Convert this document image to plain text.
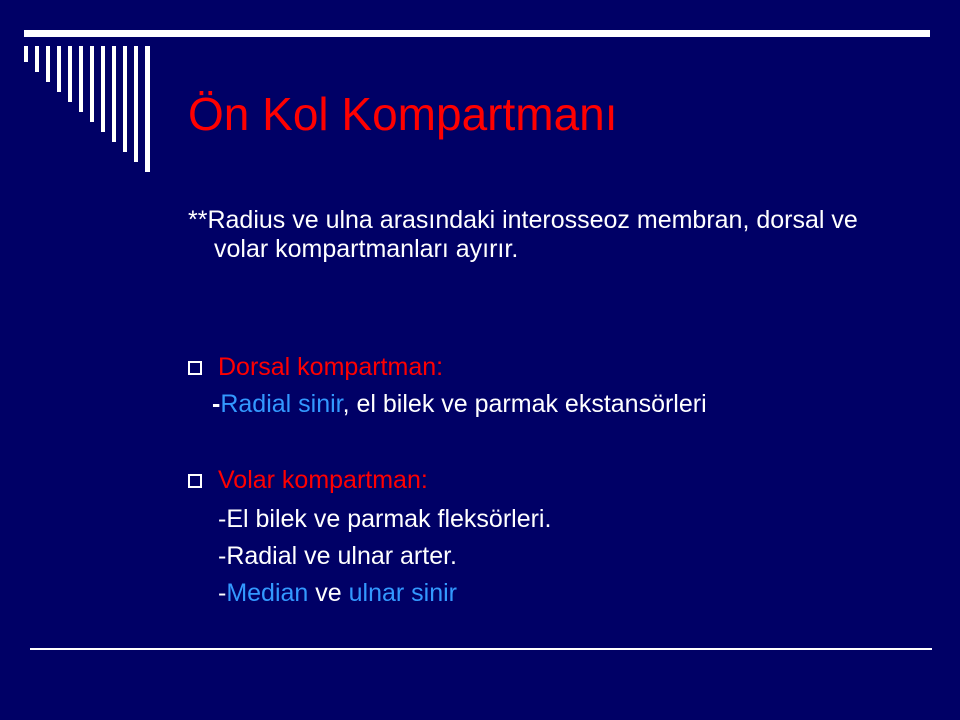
Ön Kol Kompartmanı
**Radius ve ulna arasındaki interosseoz membran, dorsal ve volar kompartmanları ayırır.
Dorsal kompartman:
-Radial sinir, el bilek ve parmak ekstansörleri
Volar kompartman:
-El bilek ve parmak fleksörleri.
-Radial ve ulnar arter.
-Median ve ulnar sinir
